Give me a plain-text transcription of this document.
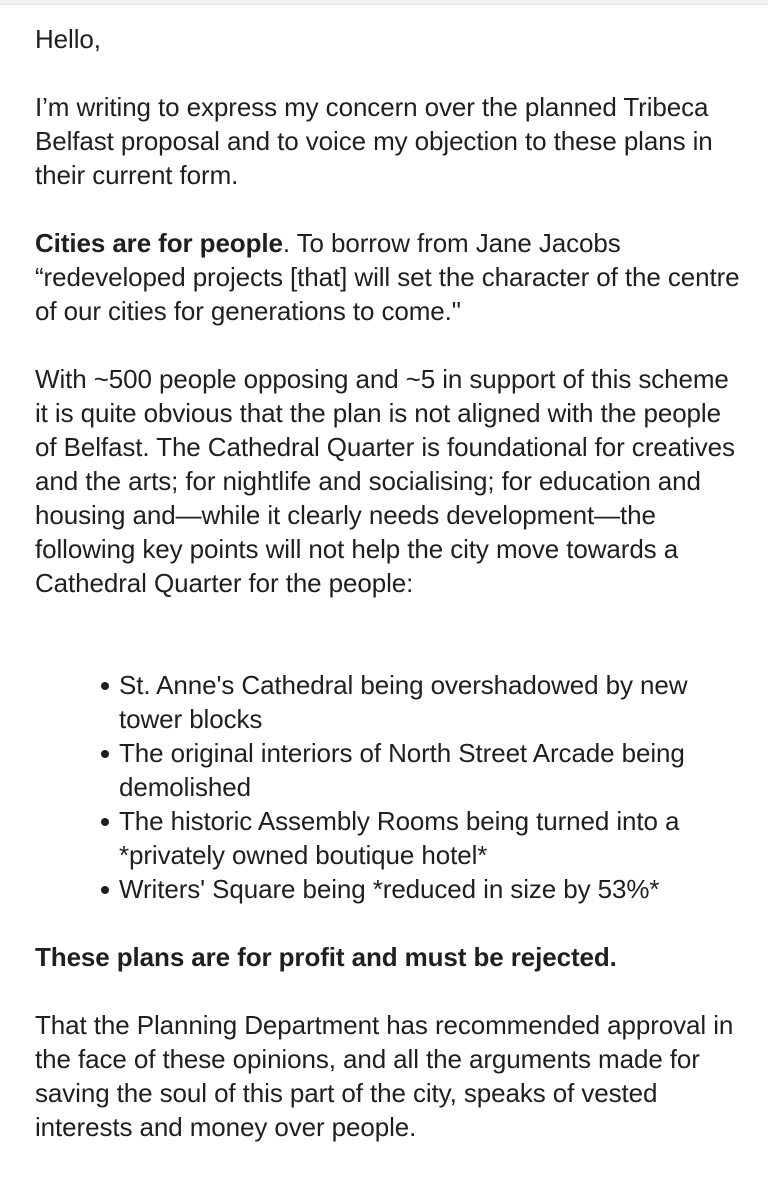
Hello,

I’m writing to express my concern over the planned Tribeca Belfast proposal and to voice my objection to these plans in their current form.

Cities are for people. To borrow from Jane Jacobs “redeveloped projects [that] will set the character of the centre of our cities for generations to come."

With ~500 people opposing and ~5 in support of this scheme it is quite obvious that the plan is not aligned with the people of Belfast. The Cathedral Quarter is foundational for creatives and the arts; for nightlife and socialising; for education and housing and—while it clearly needs development—the following key points will not help the city move towards a Cathedral Quarter for the people:

St. Anne's Cathedral being overshadowed by new tower blocks
The original interiors of North Street Arcade being demolished
The historic Assembly Rooms being turned into a *privately owned boutique hotel*
Writers' Square being *reduced in size by 53%*

These plans are for profit and must be rejected.

That the Planning Department has recommended approval in the face of these opinions, and all the arguments made for saving the soul of this part of the city, speaks of vested interests and money over people.
